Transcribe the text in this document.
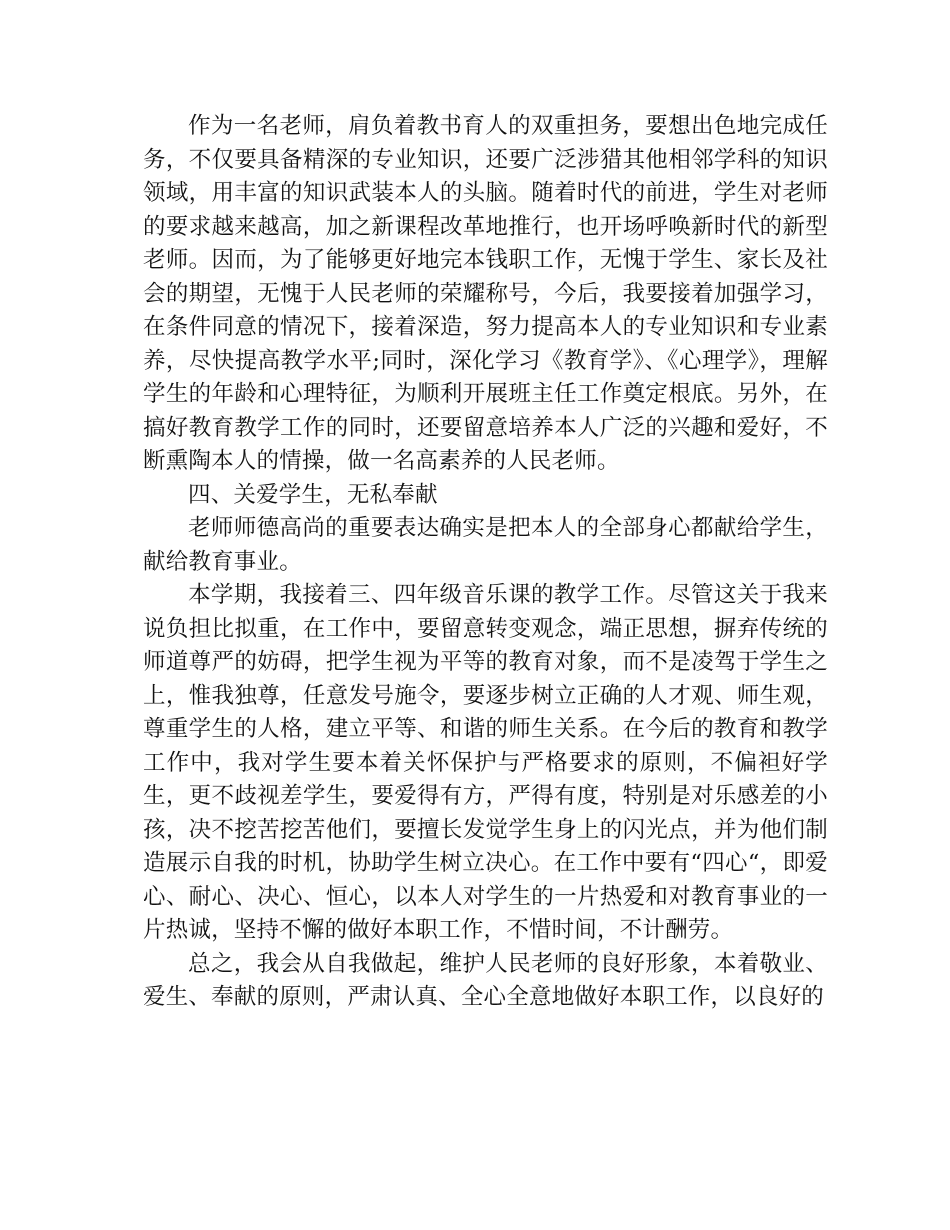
作为一名老师，肩负着教书育人的双重担务，要想出色地完成任务，不仅要具备精深的专业知识，还要广泛涉猎其他相邻学科的知识领域，用丰富的知识武装本人的头脑。随着时代的前进，学生对老师的要求越来越高，加之新课程改革地推行，也开场呼唤新时代的新型老师。因而，为了能够更好地完本钱职工作，无愧于学生、家长及社会的期望，无愧于人民老师的荣耀称号，今后，我要接着加强学习，在条件同意的情况下，接着深造，努力提高本人的专业知识和专业素养，尽快提高教学水平;同时，深化学习《教育学》、《心理学》，理解学生的年龄和心理特征，为顺利开展班主任工作奠定根底。另外，在搞好教育教学工作的同时，还要留意培养本人广泛的兴趣和爱好，不断熏陶本人的情操，做一名高素养的人民老师。

四、关爱学生，无私奉献

老师师德高尚的重要表达确实是把本人的全部身心都献给学生，献给教育事业。

本学期，我接着三、四年级音乐课的教学工作。尽管这关于我来说负担比拟重，在工作中，要留意转变观念，端正思想，摒弃传统的师道尊严的妨碍，把学生视为平等的教育对象，而不是凌驾于学生之上，惟我独尊，任意发号施令，要逐步树立正确的人才观、师生观，尊重学生的人格，建立平等、和谐的师生关系。在今后的教育和教学工作中，我对学生要本着关怀保护与严格要求的原则，不偏袒好学生，更不歧视差学生，要爱得有方，严得有度，特别是对乐感差的小孩，决不挖苦挖苦他们，要擅长发觉学生身上的闪光点，并为他们制造展示自我的时机，协助学生树立决心。在工作中要有“四心“，即爱心、耐心、决心、恒心，以本人对学生的一片热爱和对教育事业的一片热诚，坚持不懈的做好本职工作，不惜时间，不计酬劳。

总之，我会从自我做起，维护人民老师的良好形象，本着敬业、爱生、奉献的原则，严肃认真、全心全意地做好本职工作，以良好的
